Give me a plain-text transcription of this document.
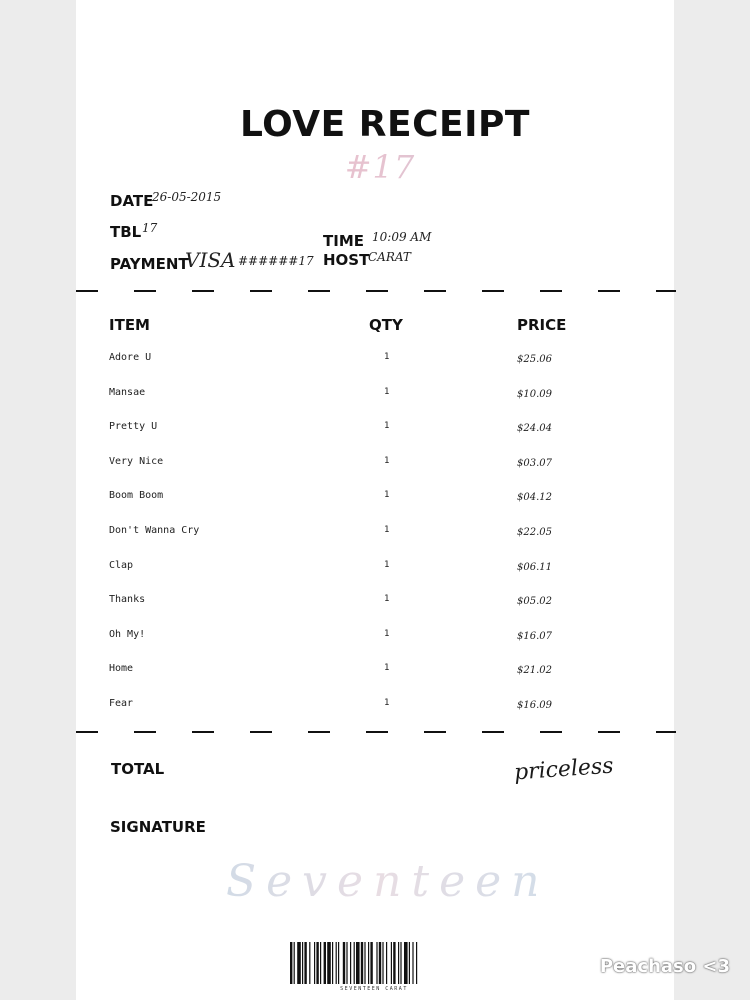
LOVE RECEIPT
#17
DATE
26-05-2015
TBL 17
PAYMENT
VISA ######17
TIME 10:09 AM
HOST
CARAT
ITEM	QTY	PRICE
Adore U	1	$25.06
Mansae	1	$10.09
Pretty U	1	$24.04
Very Nice	1	$03.07
Boom Boom	1	$04.12
Don't Wanna Cry	1	$22.05
Clap	1	$06.11
Thanks	1	$05.02
Oh My!	1	$16.07
Home	1	$21.02
Fear	1	$16.09
TOTAL	priceless
SIGNATURE
Seventeen
SEVENTEEN CARAT
Peachaso <3
